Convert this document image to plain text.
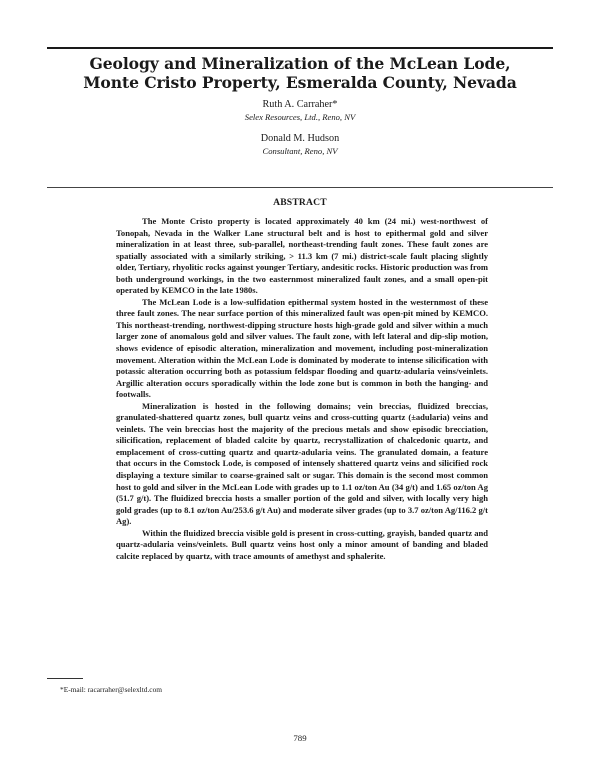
Geology and Mineralization of the McLean Lode,
Monte Cristo Property, Esmeralda County, Nevada
Ruth A. Carraher*
Selex Resources, Ltd., Reno, NV
Donald M. Hudson
Consultant, Reno, NV
ABSTRACT

The Monte Cristo property is located approximately 40 km (24 mi.) west-northwest of Tonopah, Nevada in the Walker Lane structural belt and is host to epithermal gold and silver mineralization in at least three, sub-parallel, northeast-trending fault zones. These fault zones are spatially associated with a similarly striking, > 11.3 km (7 mi.) district-scale fault placing slightly older, Tertiary, rhyolitic rocks against younger Tertiary, andesitic rocks. Historic production was from both underground workings, in the two easternmost mineralized fault zones, and a small open-pit operated by KEMCO in the late 1980s.

The McLean Lode is a low-sulfidation epithermal system hosted in the westernmost of these three fault zones. The near surface portion of this mineralized fault was open-pit mined by KEMCO. This northeast-trending, northwest-dipping structure hosts high-grade gold and silver within a much larger zone of anomalous gold and silver values. The fault zone, with left lateral and dip-slip motion, shows evidence of episodic alteration, mineralization and movement, including post-mineralization movement. Alteration within the McLean Lode is dominated by moderate to intense silicification with potassic alteration occurring both as potassium feldspar flooding and quartz-adularia veins/veinlets. Argillic alteration occurs sporadically within the lode zone but is common in both the hanging- and footwalls.

Mineralization is hosted in the following domains; vein breccias, fluidized breccias, granulated-shattered quartz zones, bull quartz veins and cross-cutting quartz (±adularia) veins and veinlets. The vein breccias host the majority of the precious metals and show episodic brecciation, silicification, replacement of bladed calcite by quartz, recrystallization of chalcedonic quartz, and emplacement of cross-cutting quartz and quartz-adularia veins. The granulated domain, a feature that occurs in the Comstock Lode, is composed of intensely shattered quartz veins and silicified rock displaying a texture similar to coarse-grained salt or sugar. This domain is the second most common host to gold and silver in the McLean Lode with grades up to 1.1 oz/ton Au (34 g/t) and 1.65 oz/ton Ag (51.7 g/t). The fluidized breccia hosts a smaller portion of the gold and silver, with locally very high gold grades (up to 8.1 oz/ton Au/253.6 g/t Au) and moderate silver grades (up to 3.7 oz/ton Ag/116.2 g/t Ag).

Within the fluidized breccia visible gold is present in cross-cutting, grayish, banded quartz and quartz-adularia veins/veinlets. Bull quartz veins host only a minor amount of banding and bladed calcite replaced by quartz, with trace amounts of amethyst and sphalerite.

*E-mail: racarraher@selexltd.com
789
